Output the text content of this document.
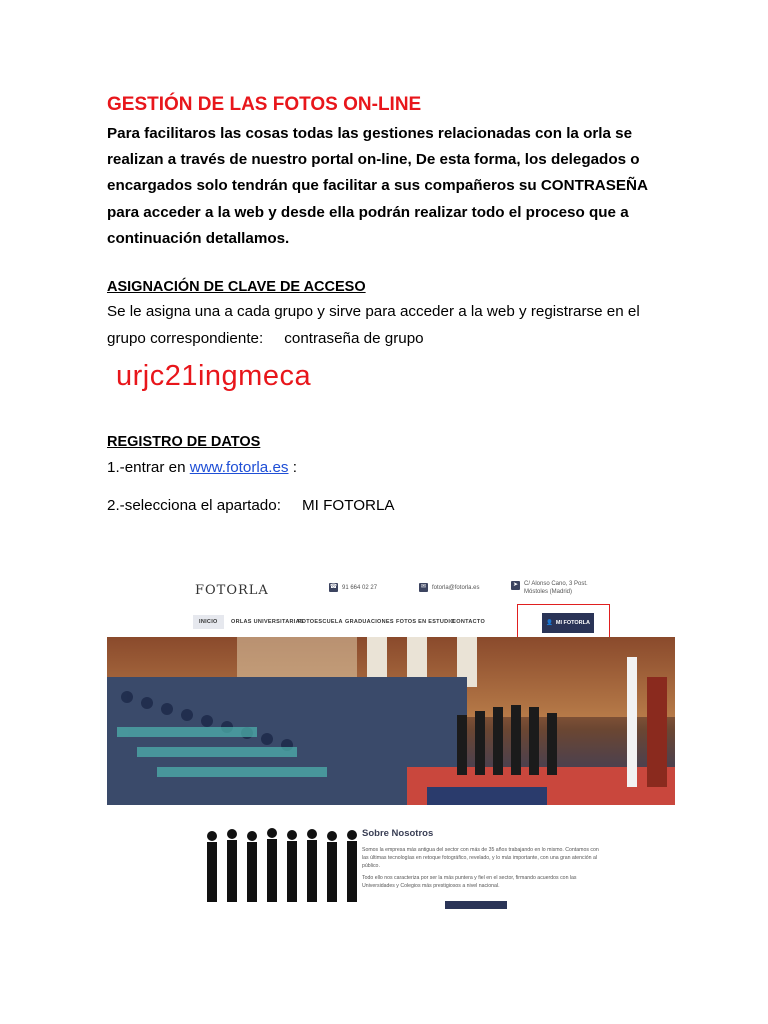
GESTIÓN DE LAS FOTOS ON-LINE
Para facilitaros las cosas todas las gestiones relacionadas con la orla se
realizan a través de nuestro portal on-line, De esta forma, los delegados o
encargados solo tendrán que facilitar a sus compañeros su CONTRASEÑA
para acceder a la web y desde ella podrán realizar todo el proceso que a
continuación detallamos.
ASIGNACIÓN DE CLAVE DE ACCESO
Se le asigna una a cada grupo y sirve para acceder a la web y registrarse en el
grupo correspondiente:     contraseña de grupo
urjc21ingmeca
REGISTRO DE DATOS
1.-entrar en www.fotorla.es :
2.-selecciona el apartado:     MI FOTORLA
FOTORLA	☎ 91 664 02 27	✉ fotorla@fotorla.es	➤ C/ Alonso Cano, 3 Post.
Móstoles (Madrid)
INICIO	ORLAS UNIVERSITARIAS
FOTOESCUELA GRADUACIONES FOTOS EN ESTUDIO
CONTACTO	👤 MI FOTORLA
Sobre Nosotros
Somos la empresa más antigua del sector con más de 35 años trabajando en lo mismo. Contamos con las últimas tecnologías en retoque fotográfico, revelado, y lo más importante, con una gran atención al público.
Todo ello nos caracteriza por ser la más puntera y fiel en el sector, firmando acuerdos con las Universidades y Colegios más prestigiosos a nivel nacional.
